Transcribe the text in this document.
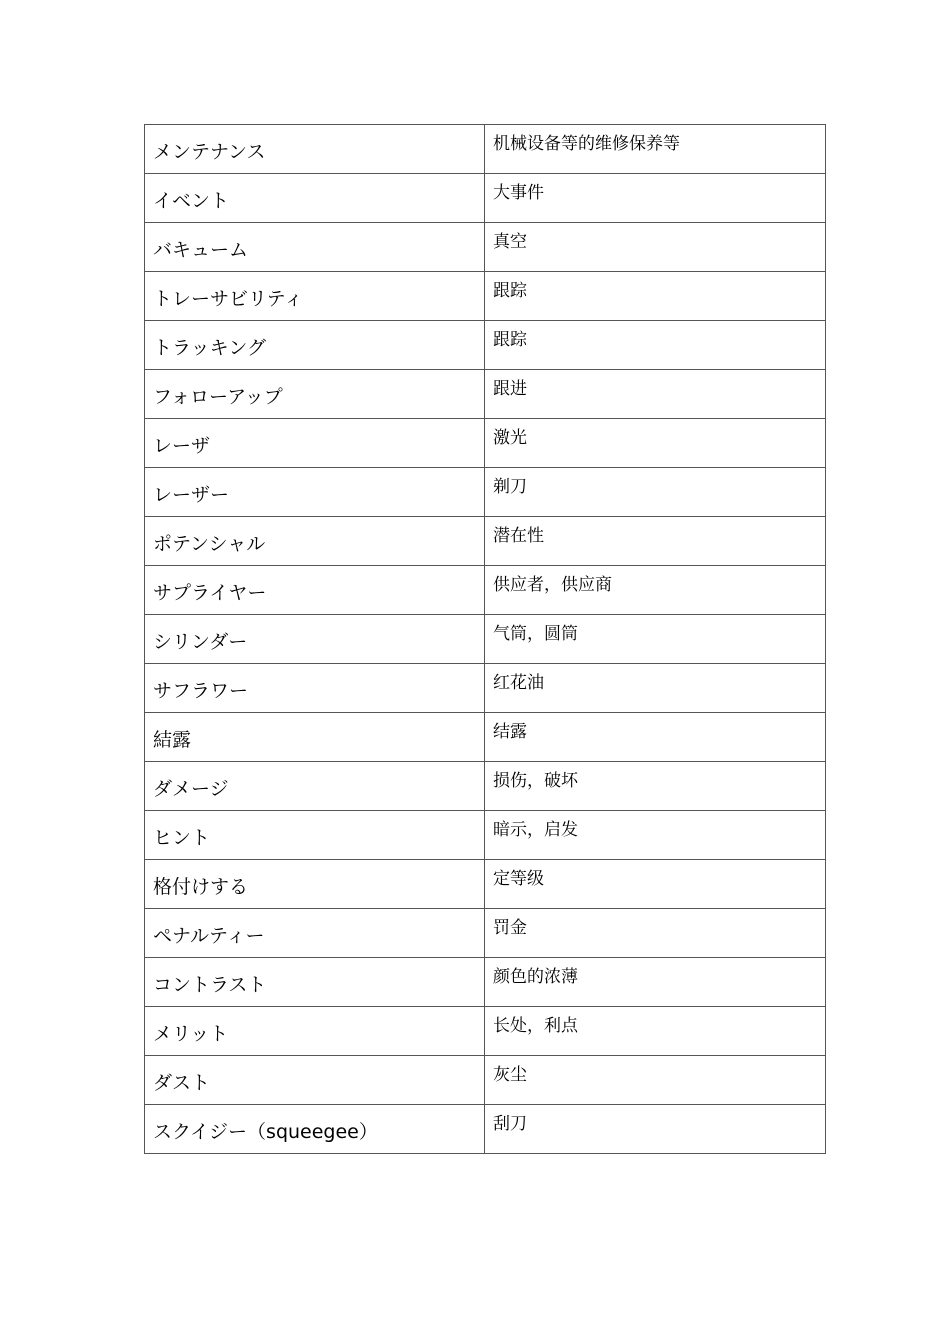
メンテナンス	机械设备等的维修保养等
イベント	大事件
バキューム	真空
トレーサビリティ	跟踪
トラッキング	跟踪
フォローアップ	跟进
レーザ	激光
レーザー	剃刀
ポテンシャル	潜在性
サプライヤー	供应者，供应商
シリンダー	气筒，圆筒
サフラワー	红花油
結露	结露
ダメージ	损伤，破坏
ヒント	暗示，启发
格付けする	定等级
ペナルティー	罚金
コントラスト	颜色的浓薄
メリット	长处，利点
ダスト	灰尘
スクイジー（squeegee）	刮刀
